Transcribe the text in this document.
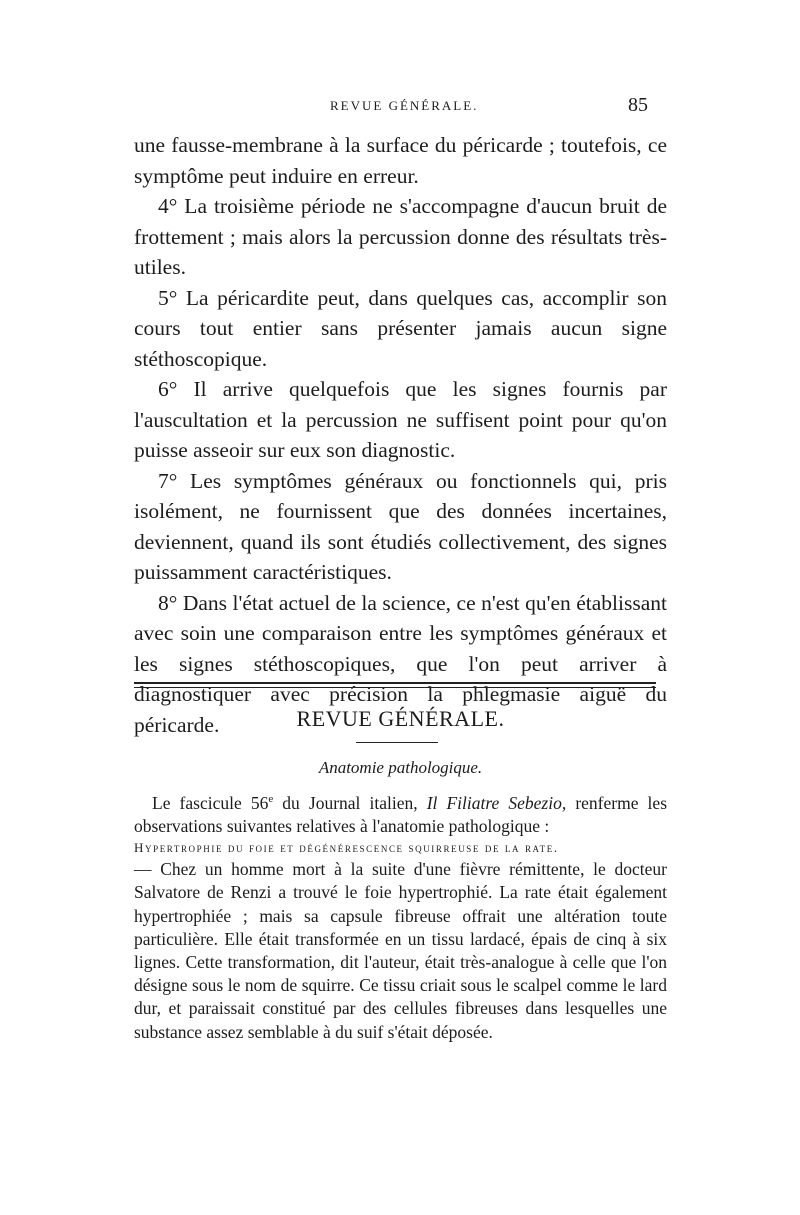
REVUE GÉNÉRALE.	85

une fausse-membrane à la surface du péricarde ; toutefois, ce symptôme peut induire en erreur.

4° La troisième période ne s'accompagne d'aucun bruit de frottement ; mais alors la percussion donne des résultats très-utiles.

5° La péricardite peut, dans quelques cas, accomplir son cours tout entier sans présenter jamais aucun signe stéthoscopique.

6° Il arrive quelquefois que les signes fournis par l'auscultation et la percussion ne suffisent point pour qu'on puisse asseoir sur eux son diagnostic.

7° Les symptômes généraux ou fonctionnels qui, pris isolément, ne fournissent que des données incertaines, deviennent, quand ils sont étudiés collectivement, des signes puissamment caractéristiques.

8° Dans l'état actuel de la science, ce n'est qu'en établissant avec soin une comparaison entre les symptômes généraux et les signes stéthoscopiques, que l'on peut arriver à diagnostiquer avec précision la phlegmasie aiguë du péricarde.	REVUE GÉNÉRALE.
Anatomie pathologique.

Le fascicule 56e du Journal italien, Il Filiatre Sebezio, renferme les observations suivantes relatives à l'anatomie pathologique :

Hypertrophie du foie et dégénérescence squirreuse de la rate.

— Chez un homme mort à la suite d'une fièvre rémittente, le docteur Salvatore de Renzi a trouvé le foie hypertrophié. La rate était également hypertrophiée ; mais sa capsule fibreuse offrait une altération toute particulière. Elle était transformée en un tissu lardacé, épais de cinq à six lignes. Cette transformation, dit l'auteur, était très-analogue à celle que l'on désigne sous le nom de squirre. Ce tissu criait sous le scalpel comme le lard dur, et paraissait constitué par des cellules fibreuses dans lesquelles une substance assez semblable à du suif s'était déposée.
